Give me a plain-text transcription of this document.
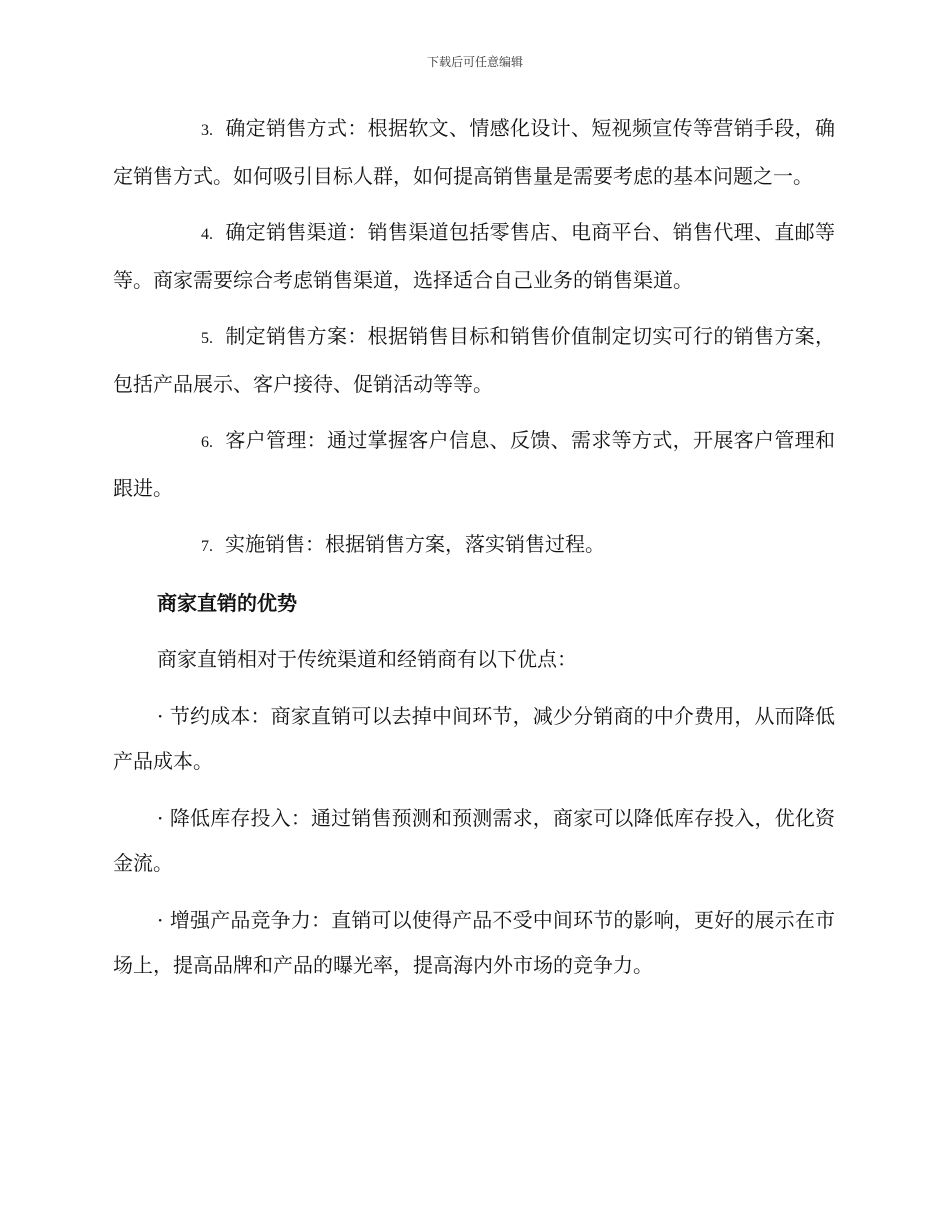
下载后可任意编辑

3. 确定销售方式：根据软文、情感化设计、短视频宣传等营销手段，确定销售方式。如何吸引目标人群，如何提高销售量是需要考虑的基本问题之一。

4. 确定销售渠道：销售渠道包括零售店、电商平台、销售代理、直邮等等。商家需要综合考虑销售渠道，选择适合自己业务的销售渠道。

5. 制定销售方案：根据销售目标和销售价值制定切实可行的销售方案，包括产品展示、客户接待、促销活动等等。

6. 客户管理：通过掌握客户信息、反馈、需求等方式，开展客户管理和跟进。

7. 实施销售：根据销售方案，落实销售过程。

商家直销的优势

商家直销相对于传统渠道和经销商有以下优点：

· 节约成本：商家直销可以去掉中间环节，减少分销商的中介费用，从而降低产品成本。

· 降低库存投入：通过销售预测和预测需求，商家可以降低库存投入，优化资金流。

· 增强产品竞争力：直销可以使得产品不受中间环节的影响，更好的展示在市场上，提高品牌和产品的曝光率，提高海内外市场的竞争力。
